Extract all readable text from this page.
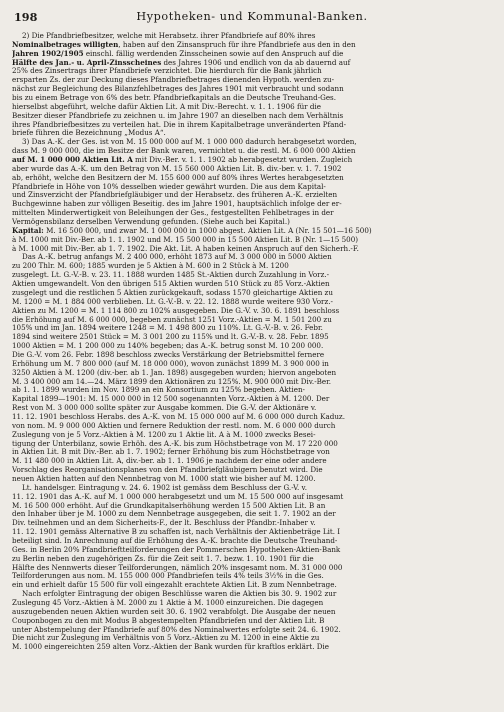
198	Hypotheken- und Kommunal-Banken.
2) Die Pfandbriefbesitzer, welche mit Herabsetz. ihrer Pfandbriefe auf 80% ihres
Nominalbetrages willigten, haben auf den Zinsanspruch für ihre Pfandbriefe aus den in den
Jahren 1902/1905 einschl. fällig werdenden Zinsscheinen sowie auf den Anspruch auf die
Hälfte des Jan.- u. April-Zinsscheines des Jahres 1906 und endlich von da ab dauernd auf
25% des Zinsertrags ihrer Pfandbriefe verzichtet. Die hierdurch für die Bank jährlich
ersparten Zs. der zur Deckung dieses Pfandbriefbetrages dienenden Hypoth. werden zu-
nächst zur Begleichung des Bilanzfehlbetrages des Jahres 1901 mit verbraucht und sodann
bis zu einem Betrage von 6% des betr. Pfandbriefkapitals an die Deutsche Treuhand-Ges.
hierselbst abgeführt, welche dafür Aktien Lit. A mit Div.-Berecht. v. 1. 1. 1906 für die
Besitzer dieser Pfandbriefe zu zeichnen u. im Jahre 1907 an dieselben nach dem Verhältnis
ihres Pfandbriefbesitzes zu verteilen hat. Die in ihrem Kapitalbetrage unveränderten Pfand-
briefe führen die Bezeichnung „Modus A“.
3) Das A.-K. der Ges. ist von M. 15 000 000 auf M. 1 000 000 dadurch herabgesetzt worden,
dass M. 9 000 000, die im Besitze der Bank waren, vernichtet u. die restl. M. 6 000 000 Aktien
auf M. 1 000 000 Aktien Lit. A mit Div.-Ber. v. 1. 1. 1902 ab herabgesetzt wurden. Zugleich
aber wurde das A.-K. um den Betrag von M. 15 560 000 Aktien Lit. B. div.-ber. v. 1. 7. 1902
ab, erhöht, welche den Besitzern der M. 155 600 000 auf 80% ihres Wertes herabgesetzten
Pfandbriefe in Höhe von 10% desselben wieder gewährt wurden. Die aus dem Kapital-
und Zinsverzicht der Pfandbriefgläubiger und der Herabsetz. des früheren A.-K. erzielten
Buchgewinne haben zur völligen Beseitig. des im Jahre 1901, hauptsächlich infolge der er-
mittelten Minderwertigkeit von Beleihungen der Ges., festgestellten Fehlbetrages in der
Vermögensbilanz derselben Verwendung gefunden. (Siehe auch bei Kapital.)
Kapital: M. 16 500 000, und zwar M. 1 000 000 in 1000 abgest. Aktien Lit. A (Nr. 15 501—16 500)
à M. 1000 mit Div.-Ber. ab 1. 1. 1902 und M. 15 500 000 in 15 500 Aktien Lit. B (Nr. 1—15 500)
à M. 1000 mit Div.-Ber. ab 1. 7. 1902. Die Akt. Lit. A haben keinen Anspruch auf den Sicherh.-F.
Das A.-K. betrug anfangs M. 2 400 000, erhöht 1873 auf M. 3 000 000 in 5000 Aktien
zu 200 Thlr. M. 600; 1885 wurden je 5 Aktien à M. 600 in 2 Stück à M. 1200
zusgelegt. Lt. G.-V.-B. v. 23. 11. 1888 wurden 1485 St.-Aktien durch Zuzahlung in Vorz.-
Aktien umgewandelt. Von den übrigen 515 Aktien wurden 510 Stück zu 85 Vorz.-Aktien
zusgelegt und die restlichen 5 Aktien zurückgekauft, sodass 1570 gleichartige Aktien zu
M. 1200 = M. 1 884 000 verblieben. Lt. G.-V.-B. v. 22. 12. 1888 wurde weitere 930 Vorz.-
Aktien zu M. 1200 = M. 1 114 800 zu 102% ausgegeben. Die G.-V. v. 30. 6. 1891 beschloss
die Erhöhung auf M. 6 000 000, begeben zunächst 1251 Vorz.-Aktien = M. 1 501 200 zu
105% und im Jan. 1894 weitere 1248 = M. 1 498 800 zu 110%. Lt. G.-V.-B. v. 26. Febr.
1894 sind weitere 2501 Stück = M. 3 001 200 zu 115% und lt. G.-V.-B. v. 28. Febr. 1895
1000 Aktien = M. 1 200 000 zu 140% begeben; das A.-K. betrug sonst M. 10 200 000.
Die G.-V. vom 26. Febr. 1898 beschloss zwecks Verstärkung der Betriebsmittel fernere
Erhöhung um M. 7 800 000 (auf M. 18 000 000), wovon zunächst 1899 M. 3 900 000 in
3250 Aktien à M. 1200 (div.-ber. ab 1. Jan. 1898) ausgegeben wurden; hiervon angeboten
M. 3 400 000 am 14.—24. März 1899 den Aktionären zu 125%. M. 900 000 mit Div.-Ber.
ab 1. 1. 1899 wurden im Nov. 1899 an ein Konsortium zu 125% begeben. Aktien-
Kapital 1899—1901: M. 15 000 000 in 12 500 sogenannten Vorz.-Aktien à M. 1200. Der
Rest von M. 3 000 000 sollte später zur Ausgabe kommen. Die G.-V. der Aktionäre v.
11. 12. 1901 beschloss Herabs. des A.-K. von M. 15 000 000 auf M. 6 000 000 durch Kaduz.
von nom. M. 9 000 000 Aktien und fernere Reduktion der restl. nom. M. 6 000 000 durch
Zuslegung von je 5 Vorz.-Aktien à M. 1200 zu 1 Aktie lit. A à M. 1000 zwecks Besei-
tigung der Unterbilanz, sowie Erhöh. des A.-K. bis zum Höchstbetrage von M. 17 220 000
in Aktien Lit. B mit Div.-Ber. ab 1. 7. 1902; ferner Erhöhung bis zum Höchstbetrage von
M. 11 480 000 in Aktien Lit. A, div.-ber. ab 1. 1. 1906 je nachdem der eine oder andere
Vorschlag des Reorganisationsplanes von den Pfandbriefgläubigern benutzt wird. Die
neuen Aktien hatten auf den Nennbetrag von M. 1000 statt wie bisher auf M. 1200.
Lt. handelsger. Eintragung v. 24. 6. 1902 ist gemäss dem Beschluss der G.-V. v.
11. 12. 1901 das A.-K. auf M. 1 000 000 herabgesetzt und um M. 15 500 000 auf insgesamt
M. 16 500 000 erhöht. Auf die Grundkapitalserhöhung werden 15 500 Aktien Lit. B an
den Inhaber über je M. 1000 zu dem Nennbetrage ausgegeben, die seit 1. 7. 1902 an der
Div. teilnehmen und an dem Sicherheits-F., der lt. Beschluss der Pfandbr.-Inhaber v.
11. 12. 1901 gemäss Alternative B zu schaffen ist, nach Verhältnis der Aktienbeträge Lit. I
beteiligt sind. In Anrechnung auf die Erhöhung des A.-K. brachte die Deutsche Treuhand-
Ges. in Berlin 20% Pfandbrieftteilforderungen der Pommerschen Hypotheken-Aktien-Bank
zu Berlin neben den zugehörigen Zs. für die Zeit seit 1. 7. bezw. 1. 10. 1901 für die
Hälfte des Nennwerts dieser Teilforderungen, nämlich 20% insgesamt nom. M. 31 000 000
Teilforderungen aus nom. M. 155 000 000 Pfandbriefen teils 4% teils 3½% in die Ges.
ein und erhielt dafür 15 500 für voll eingezahlt erachtete Aktien Lit. B zum Nennbetrage.
Nach erfolgter Eintragung der obigen Beschlüsse waren die Aktien bis 30. 9. 1902 zur
Zuslegung 45 Vorz.-Aktien à M. 2000 zu 1 Aktie à M. 1000 einzureichen. Die dagegen
auszugebenden neuen Aktien wurden seit 30. 6. 1902 verabfolgt. Die Ausgabe der neuen
Couponbogen zu den mit Modus B abgestempelten Pfandbriefen und der Aktien Lit. B
unter Abstempelung der Pfandbriefe auf 80% des Nominalwertes erfolgte seit 24. 6. 1902.
Die nicht zur Zuslegung im Verhältnis von 5 Vorz.-Aktien zu M. 1200 in eine Aktie zu
M. 1000 eingereichten 259 alten Vorz.-Aktien der Bank wurden für kraftlos erklärt. Die
